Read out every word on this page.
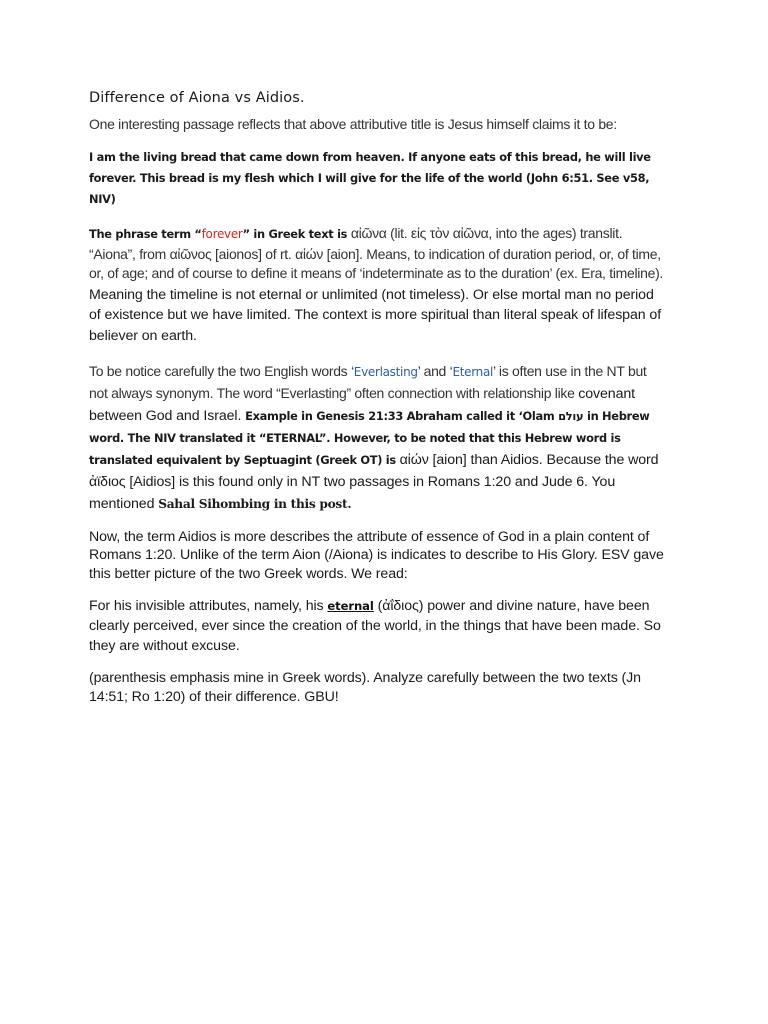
Difference of Aiona vs Aidios.

One interesting passage reflects that above attributive title is Jesus himself claims it to be:

I am the living bread that came down from heaven. If anyone eats of this bread, he will live forever. This bread is my flesh which I will give for the life of the world (John 6:51. See v58, NIV)

The phrase term “forever” in Greek text is αἰῶνα (lit. εἰς τὸν αἰῶνα, into the ages) translit. “Aiona”, from αἰῶνος [aionos] of rt. αἰών [aion]. Means, to indication of duration period, or, of time, or, of age; and of course to define it means of ‘indeterminate as to the duration’ (ex. Era, timeline). Meaning the timeline is not eternal or unlimited (not timeless). Or else mortal man no period of existence but we have limited. The context is more spiritual than literal speak of lifespan of believer on earth.

To be notice carefully the two English words ‘Everlasting’ and ‘Eternal’ is often use in the NT but not always synonym. The word “Everlasting” often connection with relationship like covenant between God and Israel. Example in Genesis 21:33 Abraham called it ‘Olam עולם in Hebrew word. The NIV translated it “ETERNAL”. However, to be noted that this Hebrew word is translated equivalent by Septuagint (Greek OT) is αἰών [aion] than Aidios. Because the word ἀϊδιος [Aidios] is this found only in NT two passages in Romans 1:20 and Jude 6. You mentioned Sahal Sihombing in this post.

Now, the term Aidios is more describes the attribute of essence of God in a plain content of Romans 1:20. Unlike of the term Aion (/Aiona) is indicates to describe to His Glory. ESV gave this better picture of the two Greek words. We read:

For his invisible attributes, namely, his eternal (ἀΐδιος) power and divine nature, have been clearly perceived, ever since the creation of the world, in the things that have been made. So they are without excuse.

(parenthesis emphasis mine in Greek words). Analyze carefully between the two texts (Jn 14:51; Ro 1:20) of their difference. GBU!
